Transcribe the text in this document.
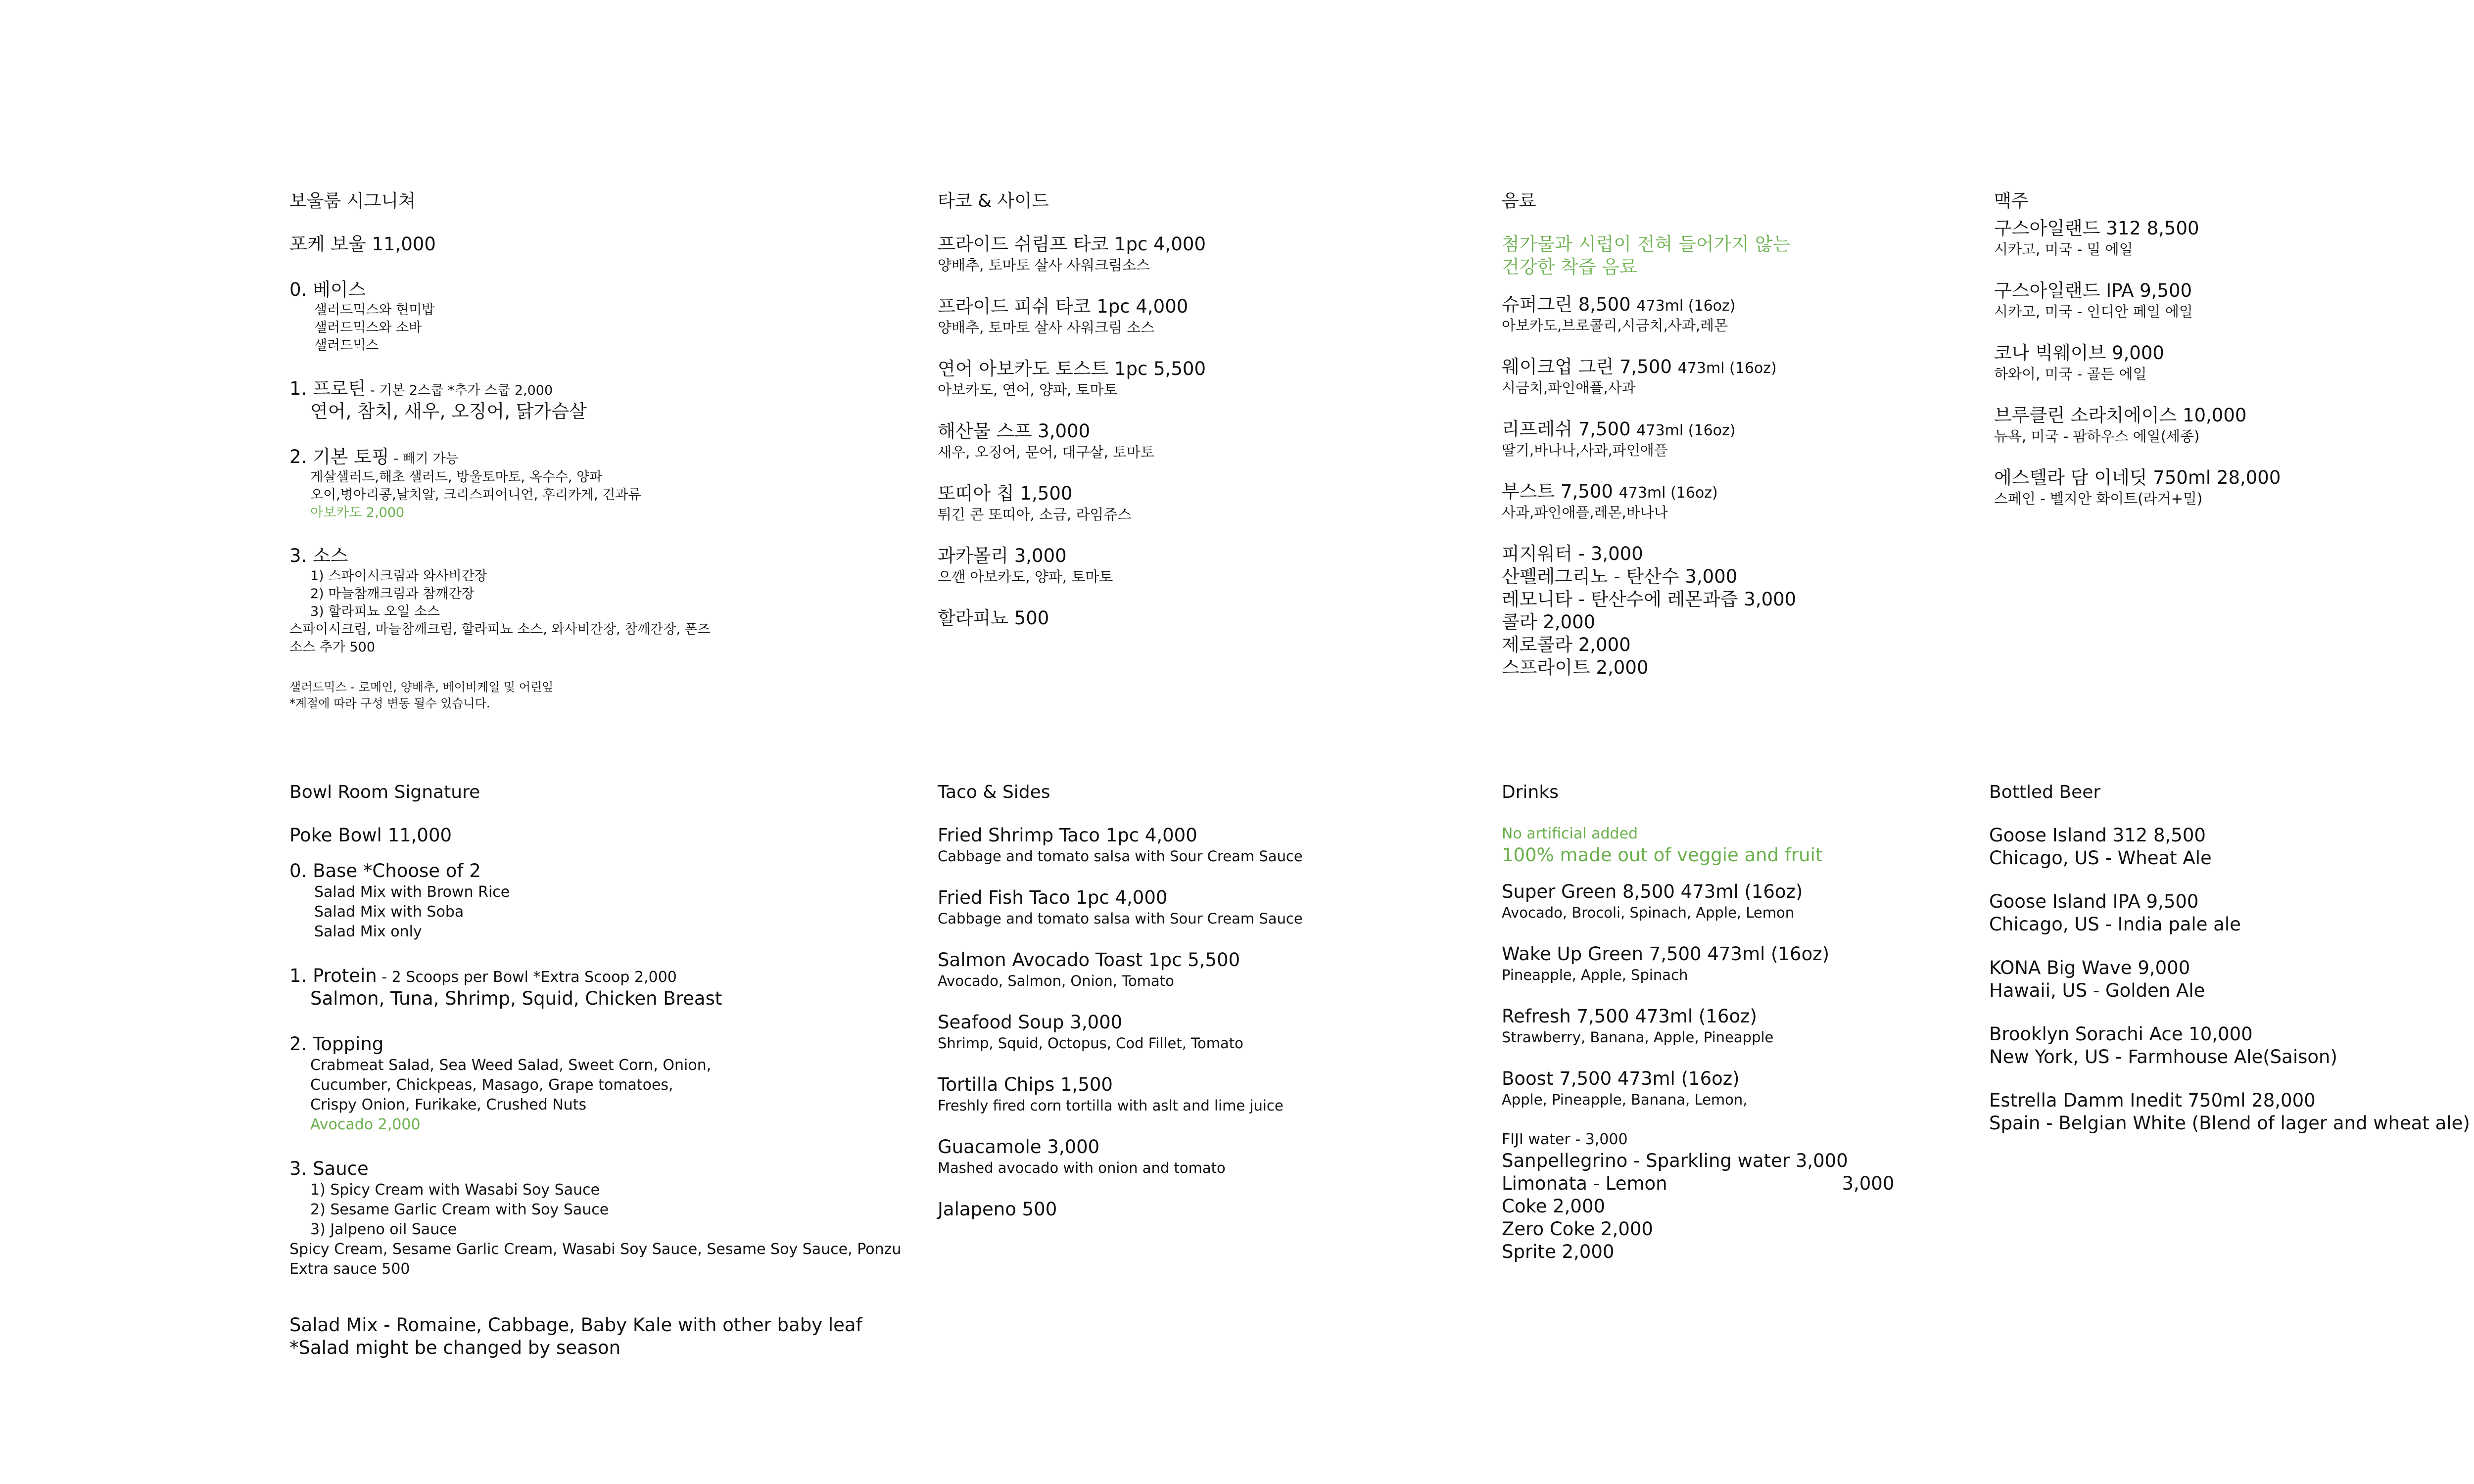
보울룸 시그니쳐
포케 보울 11,000
0. 베이스
샐러드믹스와 현미밥
샐러드믹스와 소바
샐러드믹스
1. 프로틴 - 기본 2스쿱 *추가 스쿱 2,000
연어, 참치, 새우, 오징어, 닭가슴살
2. 기본 토핑 - 빼기 가능
게살샐러드,해초 샐러드, 방울토마토, 옥수수, 양파
오이,병아리콩,날치알, 크리스피어니언, 후리카게, 견과류
아보카도 2,000
3. 소스
1) 스파이시크림과 와사비간장
2) 마늘참깨크림과 참깨간장
3) 할라피뇨 오일 소스
스파이시크림, 마늘참깨크림, 할라피뇨 소스, 와사비간장, 참깨간장, 폰즈
소스 추가 500
샐러드믹스 - 로메인, 양배추, 베이비케일 및 어린잎
*계절에 따라 구성 변동 될수 있습니다.
타코 & 사이드
프라이드 쉬림프 타코 1pc 4,000
양배추, 토마토 살사 사워크림소스
프라이드 피쉬 타코 1pc 4,000
양배추, 토마토 살사 사워크림 소스
연어 아보카도 토스트 1pc 5,500
아보카도, 연어, 양파, 토마토
해산물 스프 3,000
새우, 오징어, 문어, 대구살, 토마토
또띠아 칩 1,500
튀긴 콘 또띠아, 소금, 라임쥬스
과카몰리 3,000
으깬 아보카도, 양파, 토마토
할라피뇨 500
음료
첨가물과 시럽이 전혀 들어가지 않는
건강한 착즙 음료
슈퍼그린 8,500 473ml (16oz)
아보카도,브로콜리,시금치,사과,레몬
웨이크업 그린 7,500 473ml (16oz)
시금치,파인애플,사과
리프레쉬 7,500 473ml (16oz)
딸기,바나나,사과,파인애플
부스트 7,500 473ml (16oz)
사과,파인애플,레몬,바나나
피지워터 - 3,000
산펠레그리노 - 탄산수 3,000
레모니타 - 탄산수에 레몬과즙 3,000
콜라 2,000
제로콜라 2,000
스프라이트 2,000
맥주
구스아일랜드 312 8,500
시카고, 미국 - 밀 에일
구스아일랜드 IPA 9,500
시카고, 미국 - 인디안 페일 에일
코나 빅웨이브 9,000
하와이, 미국 - 골든 에일
브루클린 소라치에이스 10,000
뉴욕, 미국 - 팜하우스 에일(세종)
에스텔라 담 이네딧 750ml 28,000
스페인 - 벨지안 화이트(라거+밀)
Bowl Room Signature
Poke Bowl 11,000
0. Base *Choose of 2
Salad Mix with Brown Rice
Salad Mix with Soba
Salad Mix only
1. Protein - 2 Scoops per Bowl *Extra Scoop 2,000
Salmon, Tuna, Shrimp, Squid, Chicken Breast
2. Topping
Crabmeat Salad, Sea Weed Salad, Sweet Corn, Onion,
Cucumber, Chickpeas, Masago, Grape tomatoes,
Crispy Onion, Furikake, Crushed Nuts
Avocado 2,000
3. Sauce
1) Spicy Cream with Wasabi Soy Sauce
2) Sesame Garlic Cream with Soy Sauce
3) Jalpeno oil Sauce
Spicy Cream, Sesame Garlic Cream, Wasabi Soy Sauce, Sesame Soy Sauce, Ponzu
Extra sauce 500
Salad Mix - Romaine, Cabbage, Baby Kale with other baby leaf
*Salad might be changed by season
Taco & Sides
Fried Shrimp Taco 1pc 4,000
Cabbage and tomato salsa with Sour Cream Sauce
Fried Fish Taco 1pc 4,000
Cabbage and tomato salsa with Sour Cream Sauce
Salmon Avocado Toast 1pc 5,500
Avocado, Salmon, Onion, Tomato
Seafood Soup 3,000
Shrimp, Squid, Octopus, Cod Fillet, Tomato
Tortilla Chips 1,500
Freshly fired corn tortilla with aslt and lime juice
Guacamole 3,000
Mashed avocado with onion and tomato
Jalapeno 500
Drinks
No artificial added
100% made out of veggie and fruit
Super Green 8,500 473ml (16oz)
Avocado, Brocoli, Spinach, Apple, Lemon
Wake Up Green 7,500 473ml (16oz)
Pineapple, Apple, Spinach
Refresh 7,500 473ml (16oz)
Strawberry, Banana, Apple, Pineapple
Boost 7,500 473ml (16oz)
Apple, Pineapple, Banana, Lemon,
FIJI water - 3,000
Sanpellegrino - Sparkling water 3,000
Limonata - Lemon                              3,000
Coke 2,000
Zero Coke 2,000
Sprite 2,000
Bottled Beer
Goose Island 312 8,500
Chicago, US - Wheat Ale
Goose Island IPA 9,500
Chicago, US - India pale ale
KONA Big Wave 9,000
Hawaii, US - Golden Ale
Brooklyn Sorachi Ace 10,000
New York, US - Farmhouse Ale(Saison)
Estrella Damm Inedit 750ml 28,000
Spain - Belgian White (Blend of lager and wheat ale)
